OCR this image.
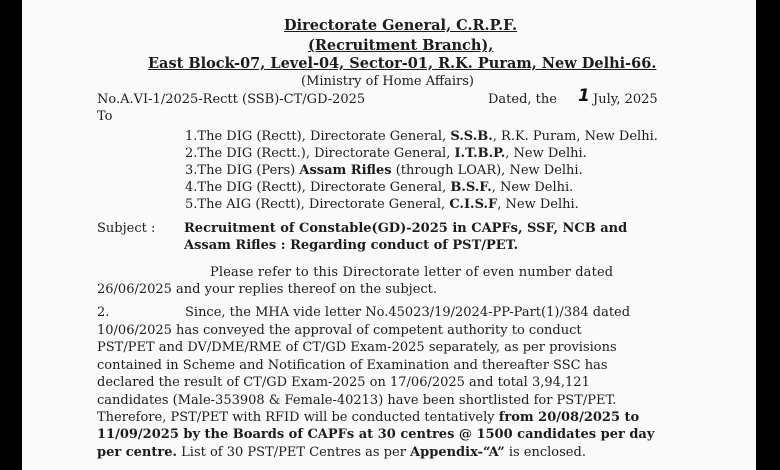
Directorate General, C.R.P.F.
(Recruitment Branch),
East Block-07, Level-04, Sector-01, R.K. Puram, New Delhi-66.
(Ministry of Home Affairs)
No.A.VI-1/2025-Rectt (SSB)-CT/GD-2025	Dated, the 1 July, 2025
To
1.The DIG (Rectt), Directorate General, S.S.B., R.K. Puram, New Delhi.
2.The DIG (Rectt.), Directorate General, I.T.B.P., New Delhi.
3.The DIG (Pers) Assam Rifles (through LOAR), New Delhi.
4.The DIG (Rectt), Directorate General, B.S.F., New Delhi.
5.The AIG (Rectt), Directorate General, C.I.S.F, New Delhi.
Subject : Recruitment of Constable(GD)-2025 in CAPFs, SSF, NCB and
Assam Rifles : Regarding conduct of PST/PET.
Please refer to this Directorate letter of even number dated
26/06/2025 and your replies thereof on the subject.
2.	Since, the MHA vide letter No.45023/19/2024-PP-Part(1)/384 dated
10/06/2025 has conveyed the approval of competent authority to conduct
PST/PET and DV/DME/RME of CT/GD Exam-2025 separately, as per provisions
contained in Scheme and Notification of Examination and thereafter SSC has
declared the result of CT/GD Exam-2025 on 17/06/2025 and total 3,94,121
candidates (Male-353908 & Female-40213) have been shortlisted for PST/PET.
Therefore, PST/PET with RFID will be conducted tentatively from 20/08/2025 to
11/09/2025 by the Boards of CAPFs at 30 centres @ 1500 candidates per day
per centre. List of 30 PST/PET Centres as per Appendix-“A” is enclosed.
